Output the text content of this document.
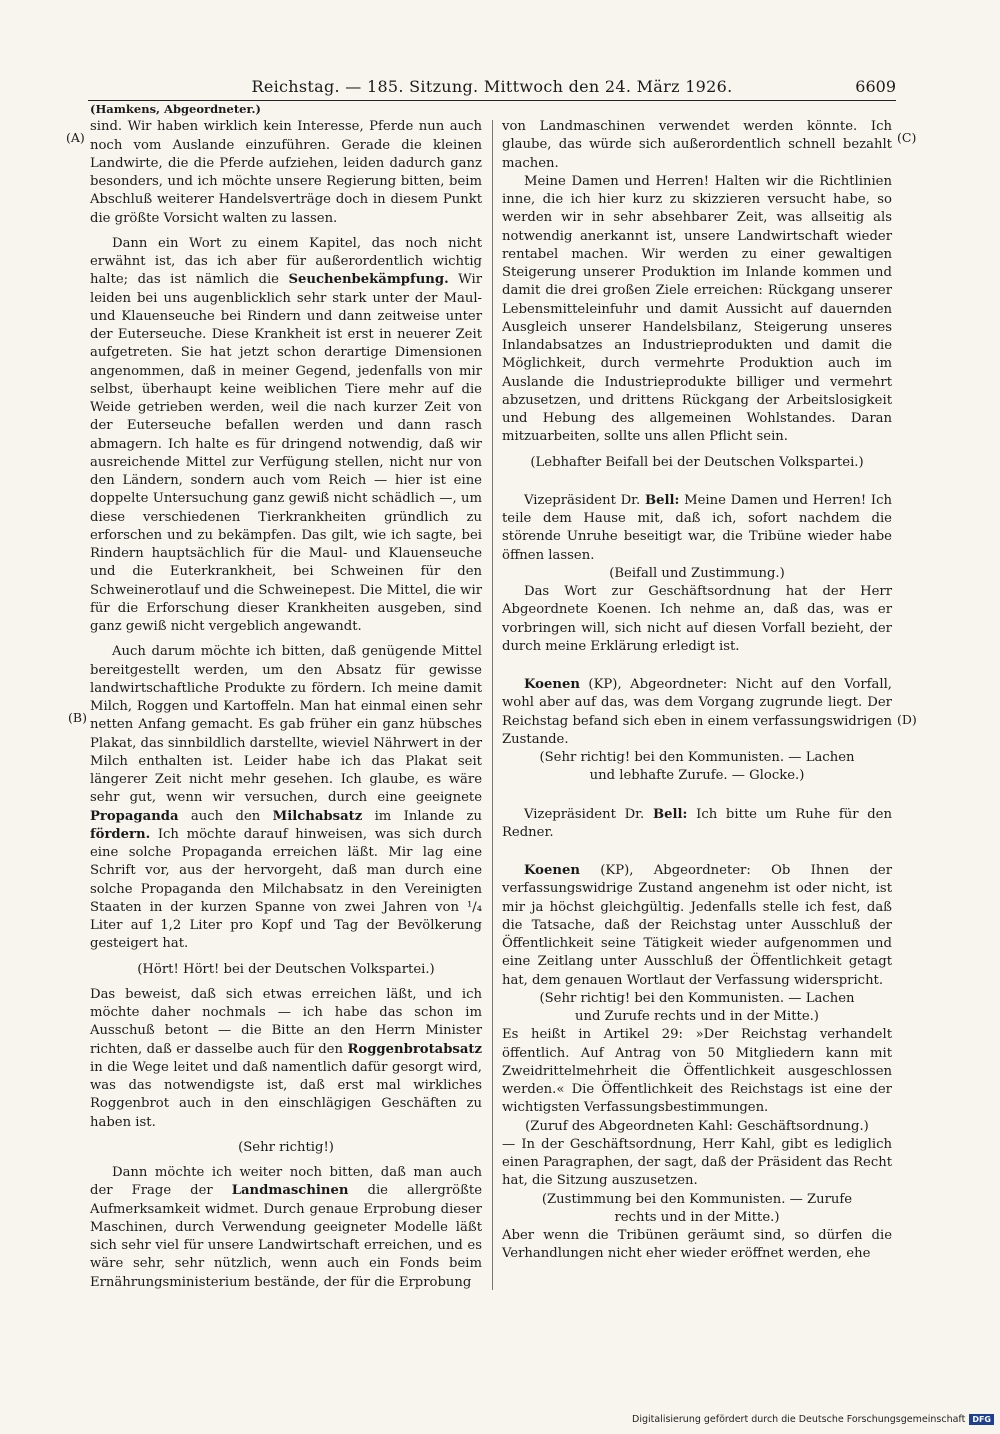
Reichstag. — 185. Sitzung. Mittwoch den 24. März 1926.	6609
(A)
(B)
(C)
(D)

(Hamkens, Abgeordneter.)

sind. Wir haben wirklich kein Interesse, Pferde nun auch noch vom Auslande einzuführen. Gerade die kleinen Landwirte, die die Pferde aufziehen, leiden dadurch ganz besonders, und ich möchte unsere Regierung bitten, beim Abschluß weiterer Handelsverträge doch in diesem Punkt die größte Vorsicht walten zu lassen.

Dann ein Wort zu einem Kapitel, das noch nicht erwähnt ist, das ich aber für außerordentlich wichtig halte; das ist nämlich die Seuchenbekämpfung. Wir leiden bei uns augenblicklich sehr stark unter der Maul- und Klauenseuche bei Rindern und dann zeitweise unter der Euterseuche. Diese Krankheit ist erst in neuerer Zeit aufgetreten. Sie hat jetzt schon derartige Dimensionen angenommen, daß in meiner Gegend, jedenfalls von mir selbst, überhaupt keine weiblichen Tiere mehr auf die Weide getrieben werden, weil die nach kurzer Zeit von der Euterseuche befallen werden und dann rasch abmagern. Ich halte es für dringend notwendig, daß wir ausreichende Mittel zur Verfügung stellen, nicht nur von den Ländern, sondern auch vom Reich — hier ist eine doppelte Untersuchung ganz gewiß nicht schädlich —, um diese verschiedenen Tierkrankheiten gründlich zu erforschen und zu bekämpfen. Das gilt, wie ich sagte, bei Rindern hauptsächlich für die Maul- und Klauenseuche und die Euterkrankheit, bei Schweinen für den Schweinerotlauf und die Schweinepest. Die Mittel, die wir für die Erforschung dieser Krankheiten ausgeben, sind ganz gewiß nicht vergeblich angewandt.

Auch darum möchte ich bitten, daß genügende Mittel bereitgestellt werden, um den Absatz für gewisse landwirtschaftliche Produkte zu fördern. Ich meine damit Milch, Roggen und Kartoffeln. Man hat einmal einen sehr netten Anfang gemacht. Es gab früher ein ganz hübsches Plakat, das sinnbildlich darstellte, wieviel Nährwert in der Milch enthalten ist. Leider habe ich das Plakat seit längerer Zeit nicht mehr gesehen. Ich glaube, es wäre sehr gut, wenn wir versuchen, durch eine geeignete Propaganda auch den Milchabsatz im Inlande zu fördern. Ich möchte darauf hinweisen, was sich durch eine solche Propaganda erreichen läßt. Mir lag eine Schrift vor, aus der hervorgeht, daß man durch eine solche Propaganda den Milchabsatz in den Vereinigten Staaten in der kurzen Spanne von zwei Jahren von ¹/₄ Liter auf 1,2 Liter pro Kopf und Tag der Bevölkerung gesteigert hat.

(Hört! Hört! bei der Deutschen Volkspartei.)

Das beweist, daß sich etwas erreichen läßt, und ich möchte daher nochmals — ich habe das schon im Ausschuß betont — die Bitte an den Herrn Minister richten, daß er dasselbe auch für den Roggenbrotabsatz in die Wege leitet und daß namentlich dafür gesorgt wird, was das notwendigste ist, daß erst mal wirkliches Roggenbrot auch in den einschlägigen Geschäften zu haben ist.

(Sehr richtig!)

Dann möchte ich weiter noch bitten, daß man auch der Frage der Landmaschinen die allergrößte Aufmerksamkeit widmet. Durch genaue Erprobung dieser Maschinen, durch Verwendung geeigneter Modelle läßt sich sehr viel für unsere Landwirtschaft erreichen, und es wäre sehr, sehr nützlich, wenn auch ein Fonds beim Ernährungsministerium bestände, der für die Erprobung

von Landmaschinen verwendet werden könnte. Ich glaube, das würde sich außerordentlich schnell bezahlt machen.

Meine Damen und Herren! Halten wir die Richtlinien inne, die ich hier kurz zu skizzieren versucht habe, so werden wir in sehr absehbarer Zeit, was allseitig als notwendig anerkannt ist, unsere Landwirtschaft wieder rentabel machen. Wir werden zu einer gewaltigen Steigerung unserer Produktion im Inlande kommen und damit die drei großen Ziele erreichen: Rückgang unserer Lebensmitteleinfuhr und damit Aussicht auf dauernden Ausgleich unserer Handelsbilanz, Steigerung unseres Inlandabsatzes an Industrieprodukten und damit die Möglichkeit, durch vermehrte Produktion auch im Auslande die Industrieprodukte billiger und vermehrt abzusetzen, und drittens Rückgang der Arbeitslosigkeit und Hebung des allgemeinen Wohlstandes. Daran mitzuarbeiten, sollte uns allen Pflicht sein.

(Lebhafter Beifall bei der Deutschen Volkspartei.)

Vizepräsident Dr. Bell: Meine Damen und Herren! Ich teile dem Hause mit, daß ich, sofort nachdem die störende Unruhe beseitigt war, die Tribüne wieder habe öffnen lassen.

(Beifall und Zustimmung.)

Das Wort zur Geschäftsordnung hat der Herr Abgeordnete Koenen. Ich nehme an, daß das, was er vorbringen will, sich nicht auf diesen Vorfall bezieht, der durch meine Erklärung erledigt ist.

Koenen (KP), Abgeordneter: Nicht auf den Vorfall, wohl aber auf das, was dem Vorgang zugrunde liegt. Der Reichstag befand sich eben in einem verfassungswidrigen Zustande.

(Sehr richtig! bei den Kommunisten. — Lachen

und lebhafte Zurufe. — Glocke.)

Vizepräsident Dr. Bell: Ich bitte um Ruhe für den Redner.

Koenen (KP), Abgeordneter: Ob Ihnen der verfassungswidrige Zustand angenehm ist oder nicht, ist mir ja höchst gleichgültig. Jedenfalls stelle ich fest, daß die Tatsache, daß der Reichstag unter Ausschluß der Öffentlichkeit seine Tätigkeit wieder aufgenommen und eine Zeitlang unter Ausschluß der Öffentlichkeit getagt hat, dem genauen Wortlaut der Verfassung widerspricht.

(Sehr richtig! bei den Kommunisten. — Lachen

und Zurufe rechts und in der Mitte.)

Es heißt in Artikel 29: »Der Reichstag verhandelt öffentlich. Auf Antrag von 50 Mitgliedern kann mit Zweidrittelmehrheit die Öffentlichkeit ausgeschlossen werden.« Die Öffentlichkeit des Reichstags ist eine der wichtigsten Verfassungsbestimmungen.

(Zuruf des Abgeordneten Kahl: Geschäftsordnung.)

— In der Geschäftsordnung, Herr Kahl, gibt es lediglich einen Paragraphen, der sagt, daß der Präsident das Recht hat, die Sitzung auszusetzen.

(Zustimmung bei den Kommunisten. — Zurufe

rechts und in der Mitte.)

Aber wenn die Tribünen geräumt sind, so dürfen die Verhandlungen nicht eher wieder eröffnet werden, ehe

Digitalisierung gefördert durch die Deutsche Forschungsgemeinschaft DFG
